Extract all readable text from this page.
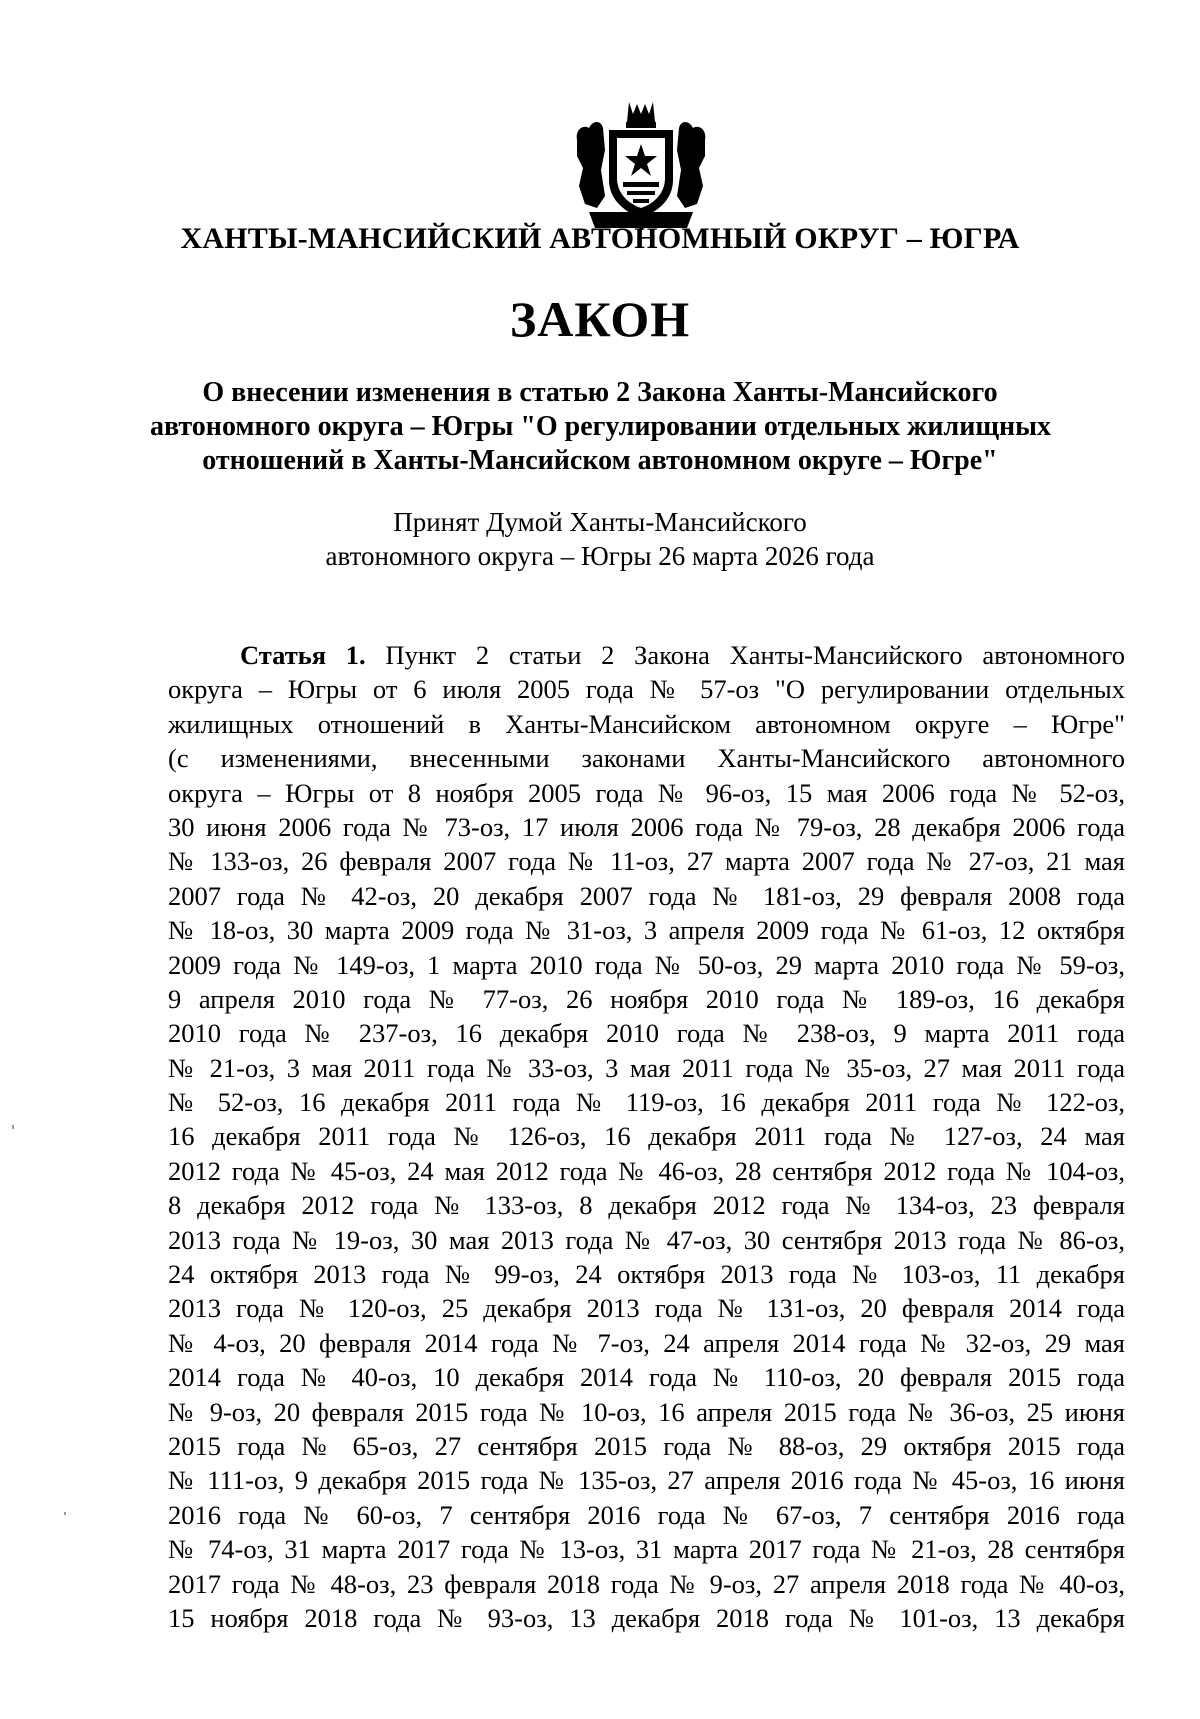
ХАНТЫ-МАНСИЙСКИЙ АВТОНОМНЫЙ ОКРУГ – ЮГРА
ЗАКОН
О внесении изменения в статью 2 Закона Ханты-Мансийского
автономного округа – Югры "О регулировании отдельных жилищных
отношений в Ханты-Мансийском автономном округе – Югре"
Принят Думой Ханты-Мансийского
автономного округа – Югры 26 марта 2026 года
Статья 1. Пункт 2 статьи 2 Закона Ханты-Мансийского автономного
округа – Югры от 6 июля 2005 года № 57-оз "О регулировании отдельных
жилищных отношений в Ханты-Мансийском автономном округе – Югре"
(с изменениями, внесенными законами Ханты-Мансийского автономного
округа – Югры от 8 ноября 2005 года № 96-оз, 15 мая 2006 года № 52-оз,
30 июня 2006 года № 73-оз, 17 июля 2006 года № 79-оз, 28 декабря 2006 года
№ 133-оз, 26 февраля 2007 года № 11-оз, 27 марта 2007 года № 27-оз, 21 мая
2007 года № 42-оз, 20 декабря 2007 года № 181-оз, 29 февраля 2008 года
№ 18-оз, 30 марта 2009 года № 31-оз, 3 апреля 2009 года № 61-оз, 12 октября
2009 года № 149-оз, 1 марта 2010 года № 50-оз, 29 марта 2010 года № 59-оз,
9 апреля 2010 года № 77-оз, 26 ноября 2010 года № 189-оз, 16 декабря
2010 года № 237-оз, 16 декабря 2010 года № 238-оз, 9 марта 2011 года
№ 21-оз, 3 мая 2011 года № 33-оз, 3 мая 2011 года № 35-оз, 27 мая 2011 года
№ 52-оз, 16 декабря 2011 года № 119-оз, 16 декабря 2011 года № 122-оз,
16 декабря 2011 года № 126-оз, 16 декабря 2011 года № 127-оз, 24 мая
2012 года № 45-оз, 24 мая 2012 года № 46-оз, 28 сентября 2012 года № 104-оз,
8 декабря 2012 года № 133-оз, 8 декабря 2012 года № 134-оз, 23 февраля
2013 года № 19-оз, 30 мая 2013 года № 47-оз, 30 сентября 2013 года № 86-оз,
24 октября 2013 года № 99-оз, 24 октября 2013 года № 103-оз, 11 декабря
2013 года № 120-оз, 25 декабря 2013 года № 131-оз, 20 февраля 2014 года
№ 4-оз, 20 февраля 2014 года № 7-оз, 24 апреля 2014 года № 32-оз, 29 мая
2014 года № 40-оз, 10 декабря 2014 года № 110-оз, 20 февраля 2015 года
№ 9-оз, 20 февраля 2015 года № 10-оз, 16 апреля 2015 года № 36-оз, 25 июня
2015 года № 65-оз, 27 сентября 2015 года № 88-оз, 29 октября 2015 года
№ 111-оз, 9 декабря 2015 года № 135-оз, 27 апреля 2016 года № 45-оз, 16 июня
2016 года № 60-оз, 7 сентября 2016 года № 67-оз, 7 сентября 2016 года
№ 74-оз, 31 марта 2017 года № 13-оз, 31 марта 2017 года № 21-оз, 28 сентября
2017 года № 48-оз, 23 февраля 2018 года № 9-оз, 27 апреля 2018 года № 40-оз,
15 ноября 2018 года № 93-оз, 13 декабря 2018 года № 101-оз, 13 декабря
